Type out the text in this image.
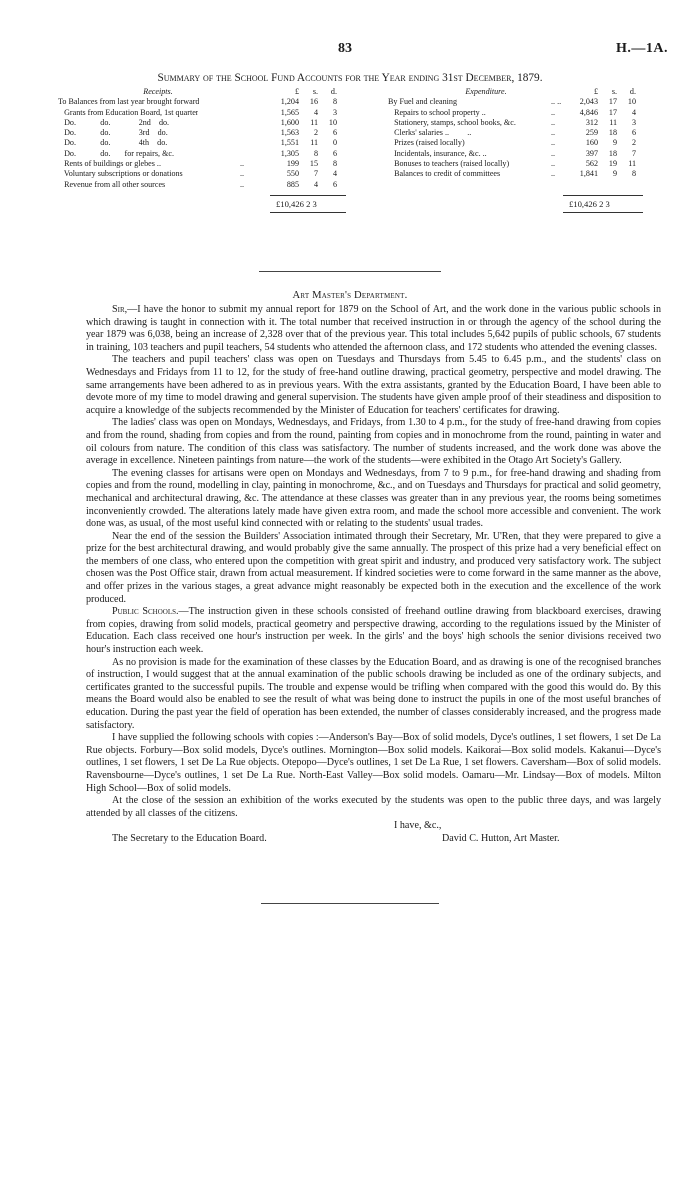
83	H.—1A.
Summary of the School Fund Accounts for the Year ending 31st December, 1879.
Receipts.	£	s.	d.
To Balances from last year brought forward	1,204	16	8
Grants from Education Board, 1st quarter	1,565	4	3
Do.            do.              2nd    do.	1,600	11	10
Do.            do.              3rd    do.	1,563	2	6
Do.            do.              4th    do.	1,551	11	0
Do.            do.       for repairs, &c.	1,305	8	6
Rents of buildings or glebes ..	..	199	15	8
Voluntary subscriptions or donations	..	550	7	4
Revenue from all other sources	..	885	4	6
Expenditure.	£	s.	d.
By Fuel and cleaning	.. ..	2,043	17	10
Repairs to school property ..	..	4,846	17	4
Stationery, stamps, school books, &c.	..	312	11	3
Clerks' salaries ..         ..	..	259	18	6
Prizes (raised locally)	..	160	9	2
Incidentals, insurance, &c. ..	..	397	18	7
Bonuses to teachers (raised locally)	..	562	19	11
Balances to credit of committees	..	1,841	9	8
£10,426 2 3	£10,426 2 3
Art Master's Department.

Sir,—I have the honor to submit my annual report for 1879 on the School of Art, and the work done in the various public schools in which drawing is taught in connection with it. The total number that received instruction in or through the agency of the school during the year 1879 was 6,038, being an increase of 2,328 over that of the previous year. This total includes 5,642 pupils of public schools, 67 students in training, 103 teachers and pupil teachers, 54 students who attended the afternoon class, and 172 students who attended the evening classes.

The teachers and pupil teachers' class was open on Tuesdays and Thursdays from 5.45 to 6.45 p.m., and the students' class on Wednesdays and Fridays from 11 to 12, for the study of free-hand outline drawing, practical geometry, perspective and model drawing. The same arrangements have been adhered to as in previous years. With the extra assistants, granted by the Education Board, I have been able to devote more of my time to model drawing and general supervision. The students have given ample proof of their steadiness and disposition to acquire a knowledge of the subjects recommended by the Minister of Education for teachers' certificates for drawing.

The ladies' class was open on Mondays, Wednesdays, and Fridays, from 1.30 to 4 p.m., for the study of free-hand drawing from copies and from the round, shading from copies and from the round, painting from copies and in monochrome from the round, painting in water and oil colours from nature. The condition of this class was satisfactory. The number of students increased, and the work done was above the average in excellence. Nineteen paintings from nature—the work of the students—were exhibited in the Otago Art Society's Gallery.

The evening classes for artisans were open on Mondays and Wednesdays, from 7 to 9 p.m., for free-hand drawing and shading from copies and from the round, modelling in clay, painting in monochrome, &c., and on Tuesdays and Thursdays for practical and solid geometry, mechanical and architectural drawing, &c. The attendance at these classes was greater than in any previous year, the rooms being sometimes inconveniently crowded. The alterations lately made have given extra room, and made the school more accessible and convenient. The work done was, as usual, of the most useful kind connected with or relating to the students' usual trades.

Near the end of the session the Builders' Association intimated through their Secretary, Mr. U'Ren, that they were prepared to give a prize for the best architectural drawing, and would probably give the same annually. The prospect of this prize had a very beneficial effect on the members of one class, who entered upon the competition with great spirit and industry, and produced very satisfactory work. The subject chosen was the Post Office stair, drawn from actual measurement. If kindred societies were to come forward in the same manner as the above, and offer prizes in the various stages, a great advance might reasonably be expected both in the execution and the excellence of the work produced.

Public Schools.—The instruction given in these schools consisted of freehand outline drawing from blackboard exercises, drawing from copies, drawing from solid models, practical geometry and perspective drawing, according to the regulations issued by the Minister of Education. Each class received one hour's instruction per week. In the girls' and the boys' high schools the senior divisions received two hour's instruction each week.

As no provision is made for the examination of these classes by the Education Board, and as drawing is one of the recognised branches of instruction, I would suggest that at the annual examination of the public schools drawing be included as one of the ordinary subjects, and certificates granted to the successful pupils. The trouble and expense would be trifling when compared with the good this would do. By this means the Board would also be enabled to see the result of what was being done to instruct the pupils in one of the most useful branches of education. During the past year the field of operation has been extended, the number of classes considerably increased, and the progress made satisfactory.

I have supplied the following schools with copies :—Anderson's Bay—Box of solid models, Dyce's outlines, 1 set flowers, 1 set De La Rue objects. Forbury—Box solid models, Dyce's outlines. Mornington—Box solid models. Kaikorai—Box solid models. Kakanui—Dyce's outlines, 1 set flowers, 1 set De La Rue objects. Otepopo—Dyce's outlines, 1 set De La Rue, 1 set flowers. Caversham—Box of solid models. Ravensbourne—Dyce's outlines, 1 set De La Rue. North-East Valley—Box solid models. Oamaru—Mr. Lindsay—Box of models. Milton High School—Box of solid models.

At the close of the session an exhibition of the works executed by the students was open to the public three days, and was largely attended by all classes of the citizens.

I have, &c.,

The Secretary to the Education Board.	David C. Hutton, Art Master.
